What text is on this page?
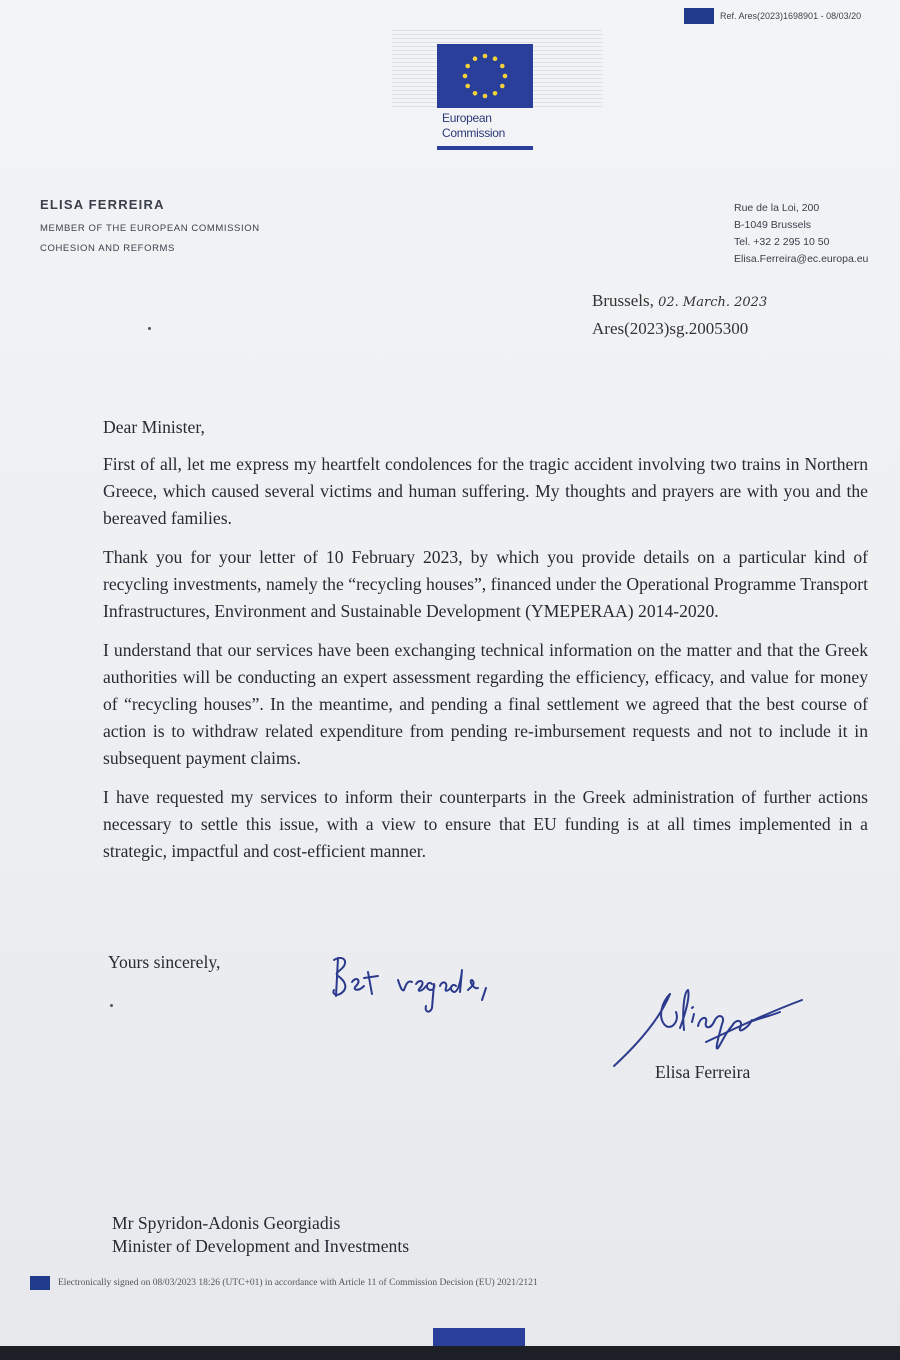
Ref. Ares(2023)1698901 - 08/03/20
European
Commission
ELISA FERREIRA
MEMBER OF THE EUROPEAN COMMISSION
COHESION AND REFORMS
Rue de la Loi, 200
B-1049 Brussels
Tel. +32 2 295 10 50
Elisa.Ferreira@ec.europa.eu
Brussels, 02. March. 2023
Ares(2023)sg.2005300

Dear Minister,

First of all, let me express my heartfelt condolences for the tragic accident involving two trains in Northern Greece, which caused several victims and human suffering. My thoughts and prayers are with you and the bereaved families.

Thank you for your letter of 10 February 2023, by which you provide details on a particular kind of recycling investments, namely the “recycling houses”, financed under the Operational Programme Transport Infrastructures, Environment and Sustainable Development (YMEPERAA) 2014-2020.

I understand that our services have been exchanging technical information on the matter and that the Greek authorities will be conducting an expert assessment regarding the efficiency, efficacy, and value for money of “recycling houses”. In the meantime, and pending a final settlement we agreed that the best course of action is to withdraw related expenditure from pending re-imbursement requests and not to include it in subsequent payment claims.

I have requested my services to inform their counterparts in the Greek administration of further actions necessary to settle this issue, with a view to ensure that EU funding is at all times implemented in a strategic, impactful and cost-efficient manner.

Yours sincerely,
Elisa Ferreira
Mr Spyridon-Adonis Georgiadis
Minister of Development and Investments
Electronically signed on 08/03/2023 18:26 (UTC+01) in accordance with Article 11 of Commission Decision (EU) 2021/2121
